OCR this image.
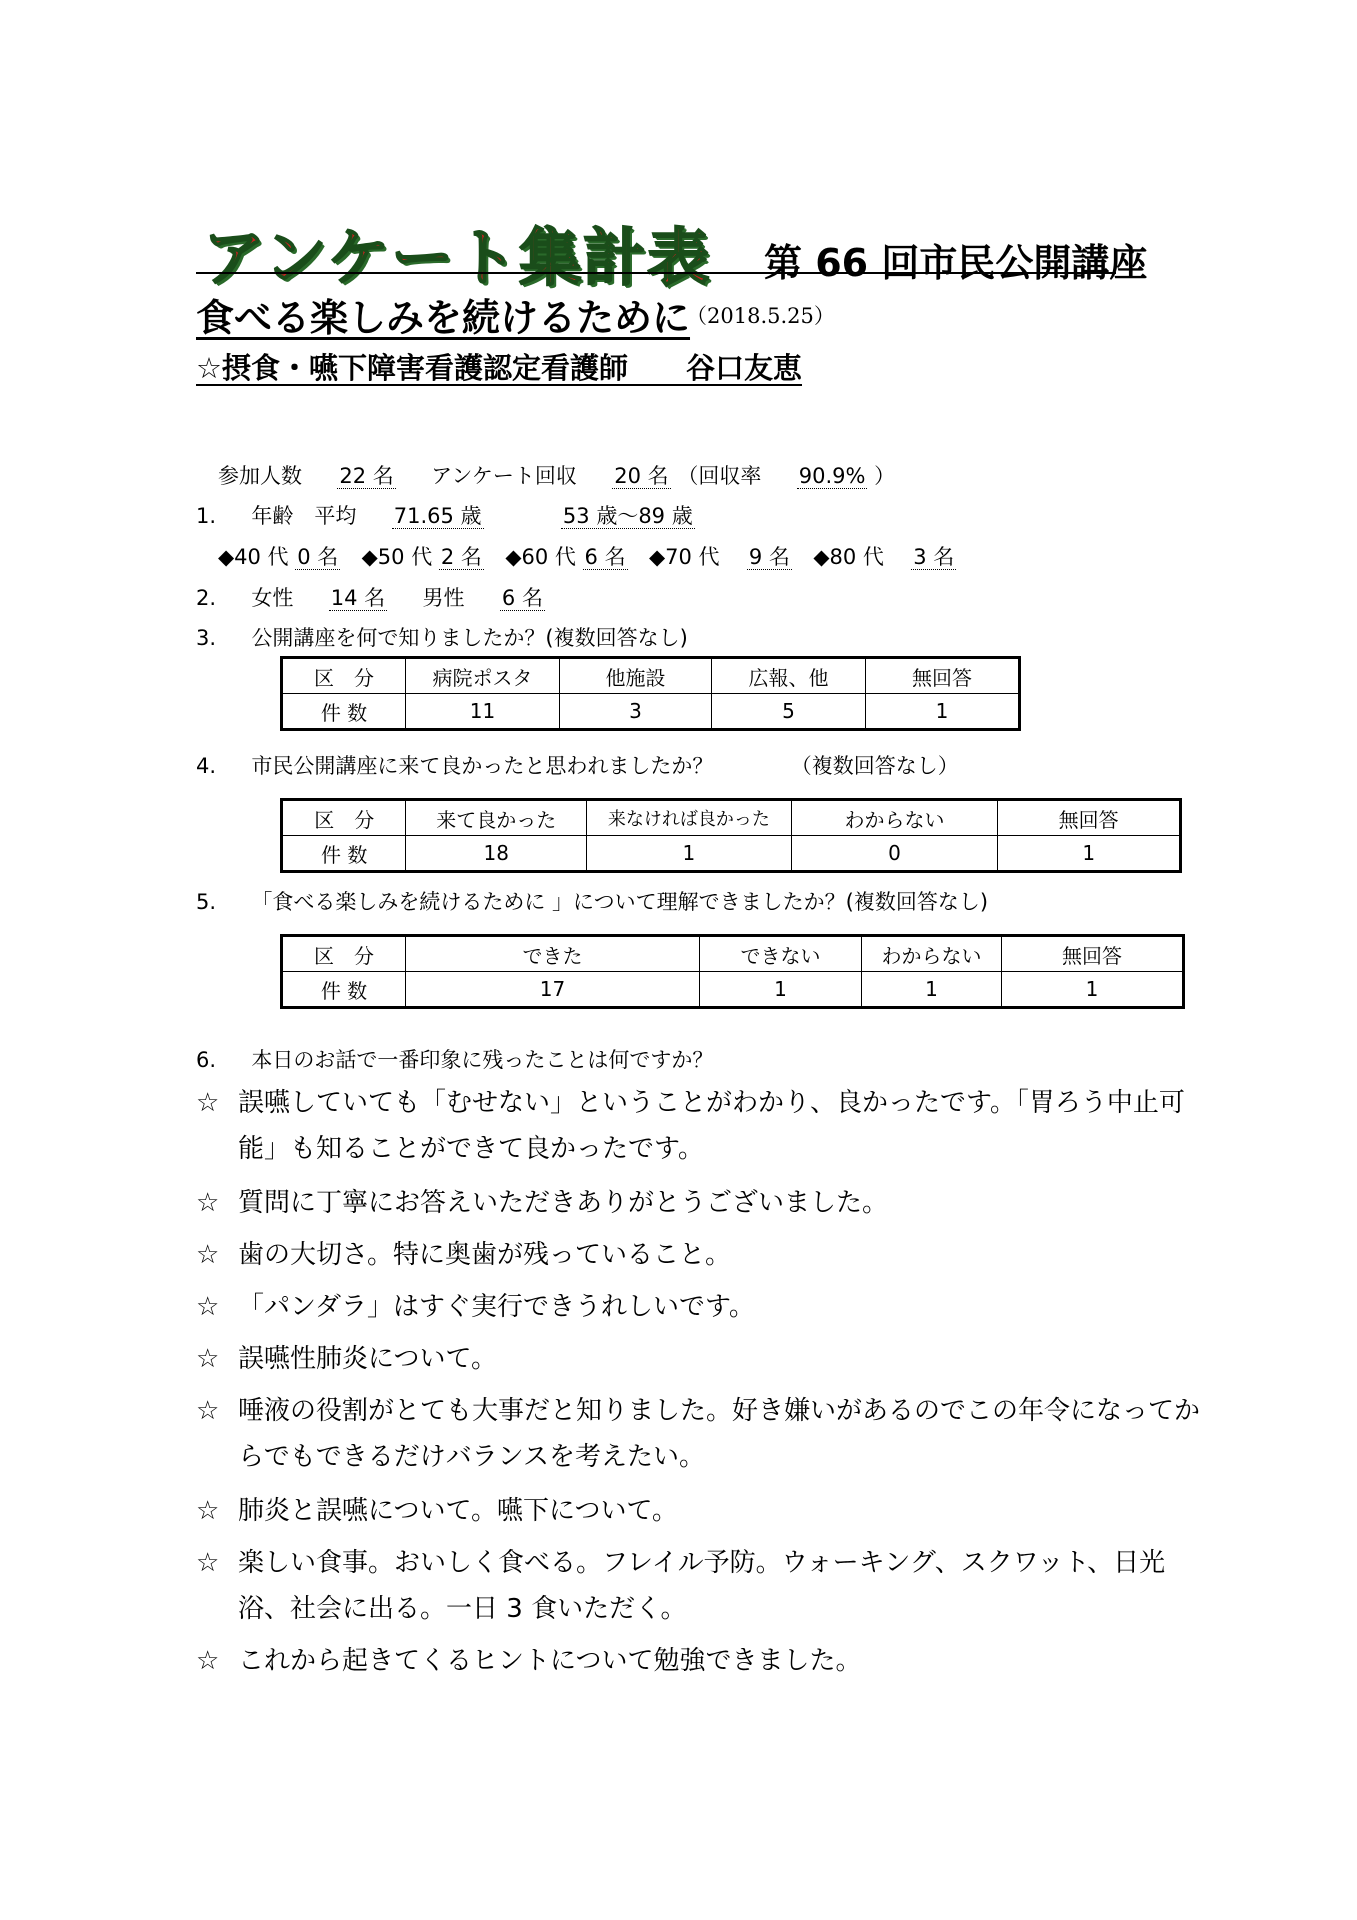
アンケート集計表 第 66 回市民公開講座
食べる楽しみを続けるために
（2018.5.25）
☆摂食・嚥下障害看護認定看護師　　谷口友恵
参加人数 22 名 アンケート回収 20 名 （回収率 90.9% ）
1. 年齢　平均 71.65 歳	53 歳～89 歳
◆40 代 0 名 ◆50 代 2 名 ◆60 代 6 名 ◆70 代 9 名 ◆80 代 3 名
2. 女性 14 名 男性 6 名
3. 公開講座を何で知りましたか？(複数回答なし)
区　分	病院ポスタ	他施設	広報、他	無回答
件 数	11	3	5	1
4. 市民公開講座に来て良かったと思われましたか？	（複数回答なし）
区　分	来て良かった	来なければ良かった	わからない	無回答
件 数	18	1	0	1
5. 「食べる楽しみを続けるために 」について理解できましたか？(複数回答なし)
区　分	できた	できない	わからない	無回答
件 数	17	1	1	1
6. 本日のお話で一番印象に残ったことは何ですか？
☆ 誤嚥していても「むせない」ということがわかり、良かったです。「胃ろう中止可能」も知ることができて良かったです。
☆ 質問に丁寧にお答えいただきありがとうございました。
☆ 歯の大切さ。特に奥歯が残っていること。
☆ 「パンダラ」はすぐ実行できうれしいです。
☆ 誤嚥性肺炎について。
☆ 唾液の役割がとても大事だと知りました。好き嫌いがあるのでこの年令になってからでもできるだけバランスを考えたい。
☆ 肺炎と誤嚥について。嚥下について。
☆ 楽しい食事。おいしく食べる。フレイル予防。ウォーキング、スクワット、日光浴、社会に出る。一日 3 食いただく。
☆ これから起きてくるヒントについて勉強できました。
